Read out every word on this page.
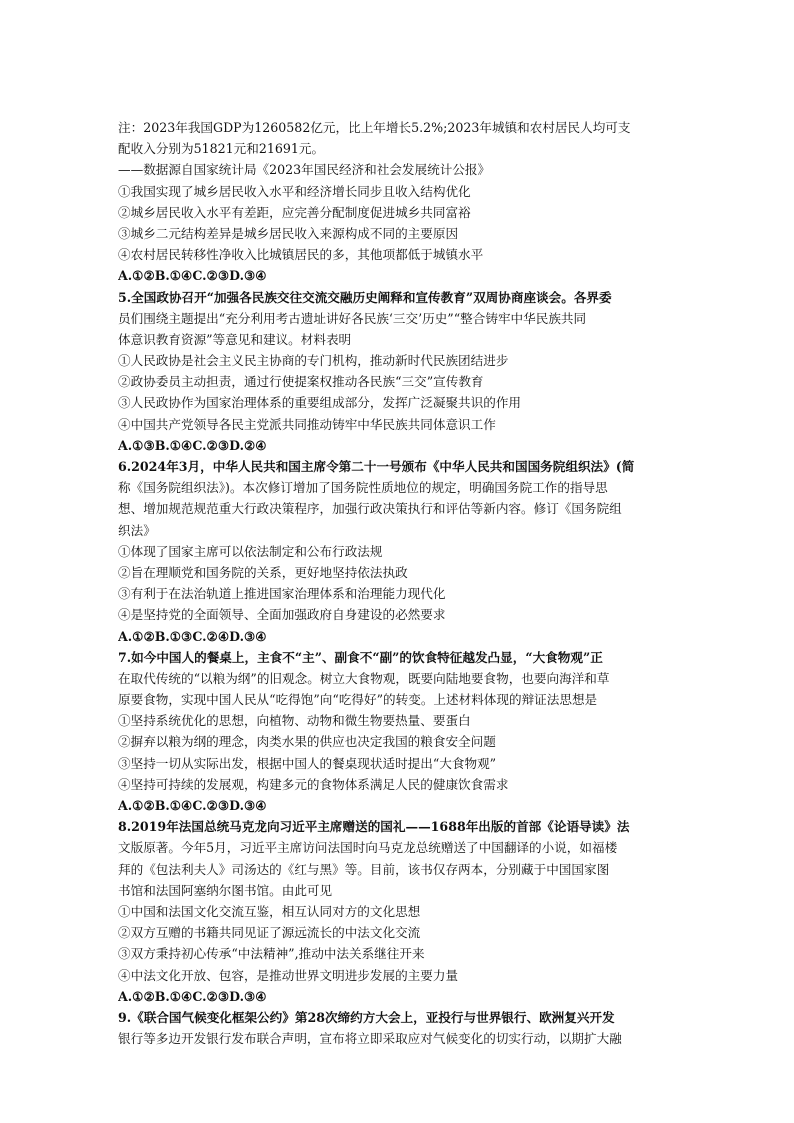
注：2023年我国GDP为1260582亿元，比上年增长5.2%;2023年城镇和农村居民人均可支
配收入分别为51821元和21691元。
——数据源自国家统计局《2023年国民经济和社会发展统计公报》
①我国实现了城乡居民收入水平和经济增长同步且收入结构优化
②城乡居民收入水平有差距，应完善分配制度促进城乡共同富裕
③城乡二元结构差异是城乡居民收入来源构成不同的主要原因
④农村居民转移性净收入比城镇居民的多，其他项都低于城镇水平
A.①②B.①④C.②③D.③④
5.全国政协召开“加强各民族交往交流交融历史阐释和宣传教育”双周协商座谈会。各界委
员们围绕主题提出“充分利用考古遗址讲好各民族‘三交’历史”“整合铸牢中华民族共同
体意识教育资源”等意见和建议。材料表明
①人民政协是社会主义民主协商的专门机构，推动新时代民族团结进步
②政协委员主动担责，通过行使提案权推动各民族“三交”宣传教育
③人民政协作为国家治理体系的重要组成部分，发挥广泛凝聚共识的作用
④中国共产党领导各民主党派共同推动铸牢中华民族共同体意识工作
A.①③B.①④C.②③D.②④
6.2024年3月，中华人民共和国主席令第二十一号颁布《中华人民共和国国务院组织法》(简
称《国务院组织法》)。本次修订增加了国务院性质地位的规定，明确国务院工作的指导思
想、增加规范规范重大行政决策程序，加强行政决策执行和评估等新内容。修订《国务院组
织法》
①体现了国家主席可以依法制定和公布行政法规
②旨在理顺党和国务院的关系，更好地坚持依法执政
③有利于在法治轨道上推进国家治理体系和治理能力现代化
④是坚持党的全面领导、全面加强政府自身建设的必然要求
A.①②B.①③C.②④D.③④
7.如今中国人的餐桌上，主食不“主”、副食不“副”的饮食特征越发凸显，“大食物观”正
在取代传统的“以粮为纲”的旧观念。树立大食物观，既要向陆地要食物，也要向海洋和草
原要食物，实现中国人民从“吃得饱”向“吃得好”的转变。上述材料体现的辩证法思想是
①坚持系统优化的思想，向植物、动物和微生物要热量、要蛋白
②摒弃以粮为纲的理念，肉类水果的供应也决定我国的粮食安全问题
③坚持一切从实际出发，根据中国人的餐桌现状适时提出“大食物观”
④坚持可持续的发展观，构建多元的食物体系满足人民的健康饮食需求
A.①②B.①④C.②③D.③④
8.2019年法国总统马克龙向习近平主席赠送的国礼——1688年出版的首部《论语导读》法
文版原著。今年5月，习近平主席访问法国时向马克龙总统赠送了中国翻译的小说，如福楼
拜的《包法利夫人》司汤达的《红与黑》等。目前，该书仅存两本，分别藏于中国国家图
书馆和法国阿塞纳尔图书馆。由此可见
①中国和法国文化交流互鉴，相互认同对方的文化思想
②双方互赠的书籍共同见证了源远流长的中法文化交流
③双方秉持初心传承“中法精神”,推动中法关系继往开来
④中法文化开放、包容，是推动世界文明进步发展的主要力量
A.①②B.①④C.②③D.③④
9.《联合国气候变化框架公约》第28次缔约方大会上，亚投行与世界银行、欧洲复兴开发
银行等多边开发银行发布联合声明，宣布将立即采取应对气候变化的切实行动，以期扩大融
